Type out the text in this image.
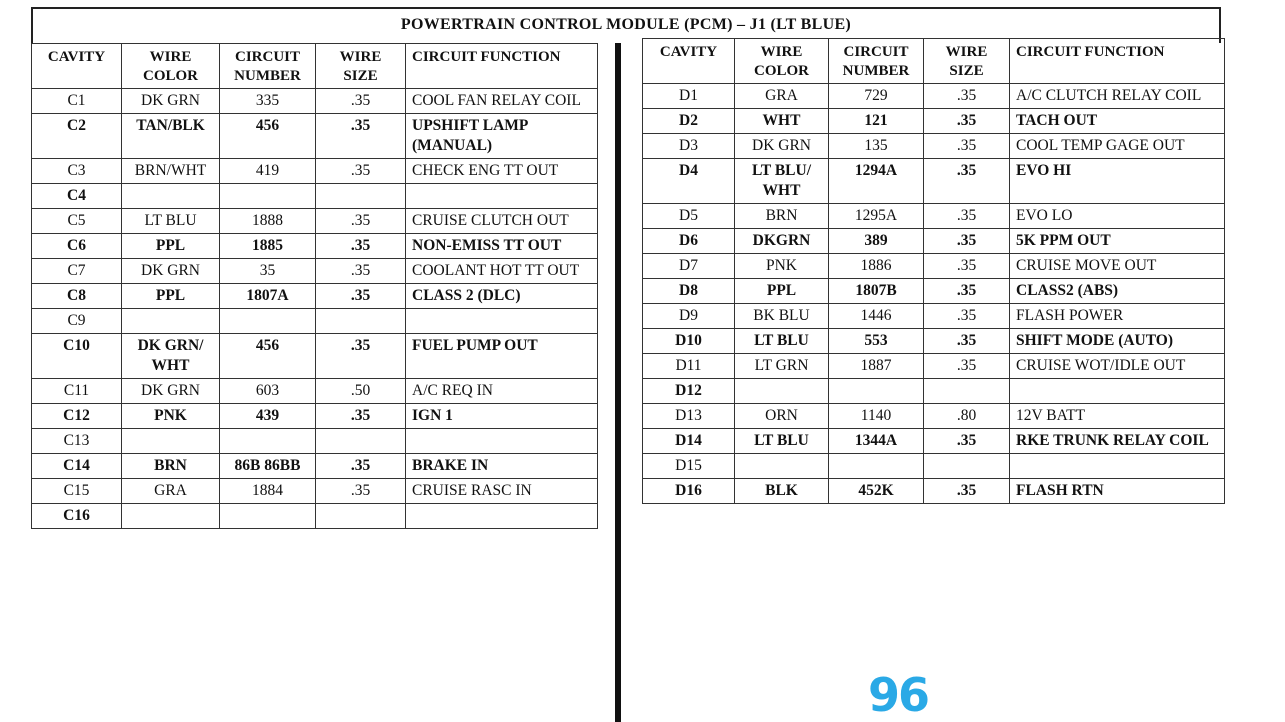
POWERTRAIN CONTROL MODULE (PCM) – J1 (LT BLUE)
CAVITY	WIRE COLOR	CIRCUIT NUMBER	WIRE SIZE	CIRCUIT FUNCTION
C1	DK GRN	335	.35	COOL FAN RELAY COIL
C2	TAN/BLK	456	.35	UPSHIFT LAMP (MANUAL)
C3	BRN/WHT	419	.35	CHECK ENG TT OUT
C4				
C5	LT BLU	1888	.35	CRUISE CLUTCH OUT
C6	PPL	1885	.35	NON-EMISS TT OUT
C7	DK GRN	35	.35	COOLANT HOT TT OUT
C8	PPL	1807A	.35	CLASS 2 (DLC)
C9				
C10	DK GRN/ WHT	456	.35	FUEL PUMP OUT
C11	DK GRN	603	.50	A/C REQ IN
C12	PNK	439	.35	IGN 1
C13				
C14	BRN	86B 86BB	.35	BRAKE IN
C15	GRA	1884	.35	CRUISE RASC IN
C16				
CAVITY	WIRE COLOR	CIRCUIT NUMBER	WIRE SIZE	CIRCUIT FUNCTION
D1	GRA	729	.35	A/C CLUTCH RELAY COIL
D2	WHT	121	.35	TACH OUT
D3	DK GRN	135	.35	COOL TEMP GAGE OUT
D4	LT BLU/ WHT	1294A	.35	EVO HI
D5	BRN	1295A	.35	EVO LO
D6	DKGRN	389	.35	5K PPM OUT
D7	PNK	1886	.35	CRUISE MOVE OUT
D8	PPL	1807B	.35	CLASS2 (ABS)
D9	BK BLU	1446	.35	FLASH POWER
D10	LT BLU	553	.35	SHIFT MODE (AUTO)
D11	LT GRN	1887	.35	CRUISE WOT/IDLE OUT
D12				
D13	ORN	1140	.80	12V BATT
D14	LT BLU	1344A	.35	RKE TRUNK RELAY COIL
D15				
D16	BLK	452K	.35	FLASH RTN
96
